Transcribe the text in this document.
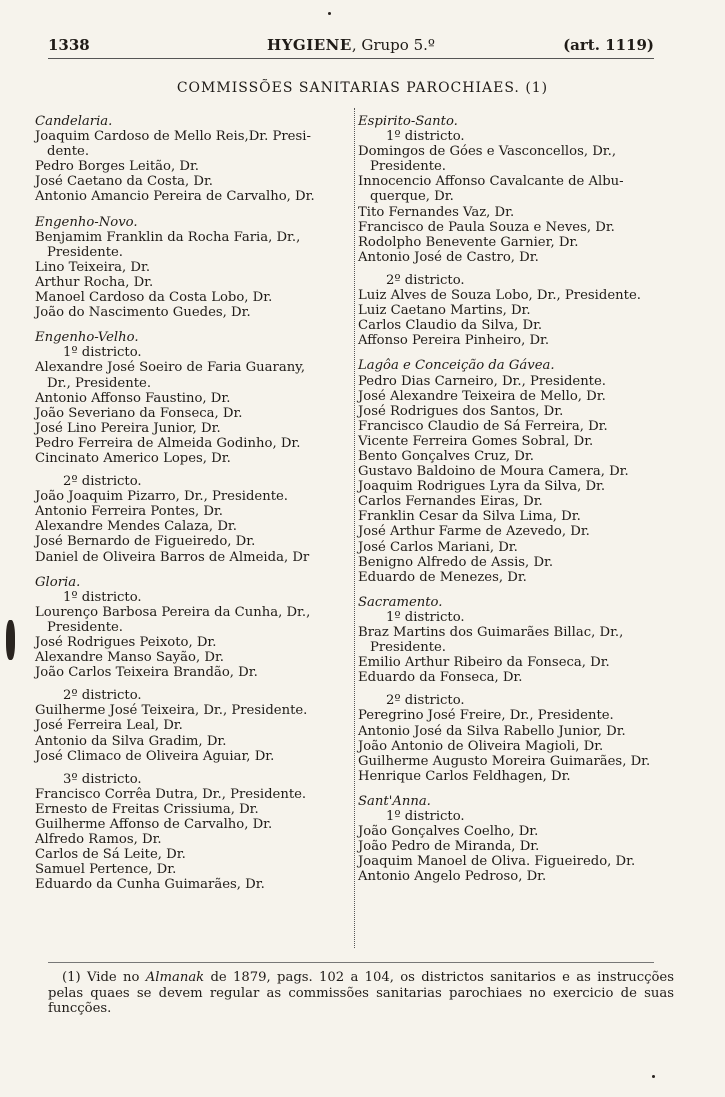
1338	HYGIENE, Grupo 5.º	(art. 1119)
COMMISSÕES SANITARIAS PAROCHIAES. (1)
Candelaria.
Joaquim Cardoso de Mello Reis,Dr. Presi-
dente.
Pedro Borges Leitão, Dr.
José Caetano da Costa, Dr.
Antonio Amancio Pereira de Carvalho, Dr.
Engenho-Novo.
Benjamim Franklin da Rocha Faria, Dr.,
Presidente.
Lino Teixeira, Dr.
Arthur Rocha, Dr.
Manoel Cardoso da Costa Lobo, Dr.
João do Nascimento Guedes, Dr.
Engenho-Velho.
1º districto.
Alexandre José Soeiro de Faria Guarany,
Dr., Presidente.
Antonio Affonso Faustino, Dr.
João Severiano da Fonseca, Dr.
José Lino Pereira Junior, Dr.
Pedro Ferreira de Almeida Godinho, Dr.
Cincinato Americo Lopes, Dr.
2º districto.
João Joaquim Pizarro, Dr., Presidente.
Antonio Ferreira Pontes, Dr.
Alexandre Mendes Calaza, Dr.
José Bernardo de Figueiredo, Dr.
Daniel de Oliveira Barros de Almeida, Dr
Gloria.
1º districto.
Lourenço Barbosa Pereira da Cunha, Dr.,
Presidente.
José Rodrigues Peixoto, Dr.
Alexandre Manso Sayão, Dr.
João Carlos Teixeira Brandão, Dr.
2º districto.
Guilherme José Teixeira, Dr., Presidente.
José Ferreira Leal, Dr.
Antonio da Silva Gradim, Dr.
José Climaco de Oliveira Aguiar, Dr.
3º districto.
Francisco Corrêa Dutra, Dr., Presidente.
Ernesto de Freitas Crissiuma, Dr.
Guilherme Affonso de Carvalho, Dr.
Alfredo Ramos, Dr.
Carlos de Sá Leite, Dr.
Samuel Pertence, Dr.
Eduardo da Cunha Guimarães, Dr.
Espirito-Santo.
1º districto.
Domingos de Góes e Vasconcellos, Dr.,
Presidente.
Innocencio Affonso Cavalcante de Albu-
querque, Dr.
Tito Fernandes Vaz, Dr.
Francisco de Paula Souza e Neves, Dr.
Rodolpho Benevente Garnier, Dr.
Antonio José de Castro, Dr.
2º districto.
Luiz Alves de Souza Lobo, Dr., Presidente.
Luiz Caetano Martins, Dr.
Carlos Claudio da Silva, Dr.
Affonso Pereira Pinheiro, Dr.
Lagôa e Conceição da Gávea.
Pedro Dias Carneiro, Dr., Presidente.
José Alexandre Teixeira de Mello, Dr.
José Rodrigues dos Santos, Dr.
Francisco Claudio de Sá Ferreira, Dr.
Vicente Ferreira Gomes Sobral, Dr.
Bento Gonçalves Cruz, Dr.
Gustavo Baldoino de Moura Camera, Dr.
Joaquim Rodrigues Lyra da Silva, Dr.
Carlos Fernandes Eiras, Dr.
Franklin Cesar da Silva Lima, Dr.
José Arthur Farme de Azevedo, Dr.
José Carlos Mariani, Dr.
Benigno Alfredo de Assis, Dr.
Eduardo de Menezes, Dr.
Sacramento.
1º districto.
Braz Martins dos Guimarães Billac, Dr.,
Presidente.
Emilio Arthur Ribeiro da Fonseca, Dr.
Eduardo da Fonseca, Dr.
2º districto.
Peregrino José Freire, Dr., Presidente.
Antonio José da Silva Rabello Junior, Dr.
João Antonio de Oliveira Magioli, Dr.
Guilherme Augusto Moreira Guimarães, Dr.
Henrique Carlos Feldhagen, Dr.
Sant'Anna.
1º districto.
João Gonçalves Coelho, Dr.
João Pedro de Miranda, Dr.
Joaquim Manoel de Oliva. Figueiredo, Dr.
Antonio Angelo Pedroso, Dr.
(1) Vide no Almanak de 1879, pags. 102 a 104, os districtos sanitarios e as instrucções pelas quaes se devem regular as commissões sanitarias parochiaes no exercicio de suas funcções.
